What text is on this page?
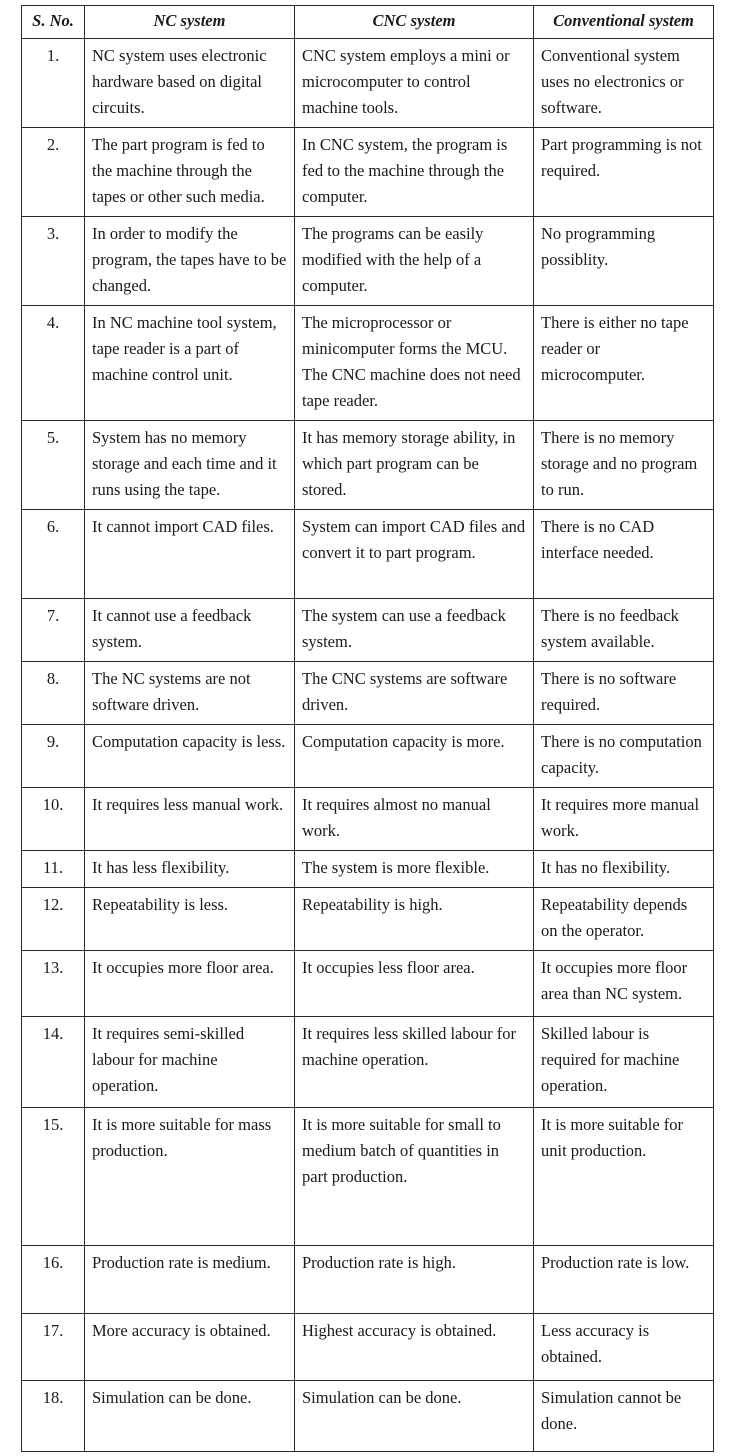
S. No.	NC system	CNC system	Conventional system
1.	NC system uses electronic hardware based on digital circuits.	CNC system employs a mini or microcomputer to control machine tools.	Conventional system uses no electronics or software.
2.	The part program is fed to the machine through the tapes or other such media.	In CNC system, the program is fed to the machine through the computer.	Part programming is not required.
3.	In order to modify the program, the tapes have to be changed.	The programs can be easily modified with the help of a computer.	No programming possiblity.
4.	In NC machine tool system, tape reader is a part of machine control unit.	The microprocessor or minicomputer forms the MCU. The CNC machine does not need tape reader.	There is either no tape reader or microcomputer.
5.	System has no memory storage and each time and it runs using the tape.	It has memory storage ability, in which part program can be stored.	There is no memory storage and no program to run.
6.	It cannot import CAD files.	System can import CAD files and convert it to part program.	There is no CAD interface needed.
7.	It cannot use a feedback system.	The system can use a feedback system.	There is no feedback system available.
8.	The NC systems are not software driven.	The CNC systems are software driven.	There is no software required.
9.	Computation capacity is less.	Computation capacity is more.	There is no computation capacity.
10.	It requires less manual work.	It requires almost no manual work.	It requires more manual work.
11.	It has less flexibility.	The system is more flexible.	It has no flexibility.
12.	Repeatability is less.	Repeatability is high.	Repeatability depends on the operator.
13.	It occupies more floor area.	It occupies less floor area.	It occupies more floor area than NC system.
14.	It requires semi-skilled labour for machine operation.	It requires less skilled labour for machine operation.	Skilled labour is required for machine operation.
15.	It is more suitable for mass production.	It is more suitable for small to medium batch of quantities in part production.	It is more suitable for unit production.
16.	Production rate is medium.	Production rate is high.	Production rate is low.
17.	More accuracy is obtained.	Highest accuracy is obtained.	Less accuracy is obtained.
18.	Simulation can be done.	Simulation can be done.	Simulation cannot be done.
